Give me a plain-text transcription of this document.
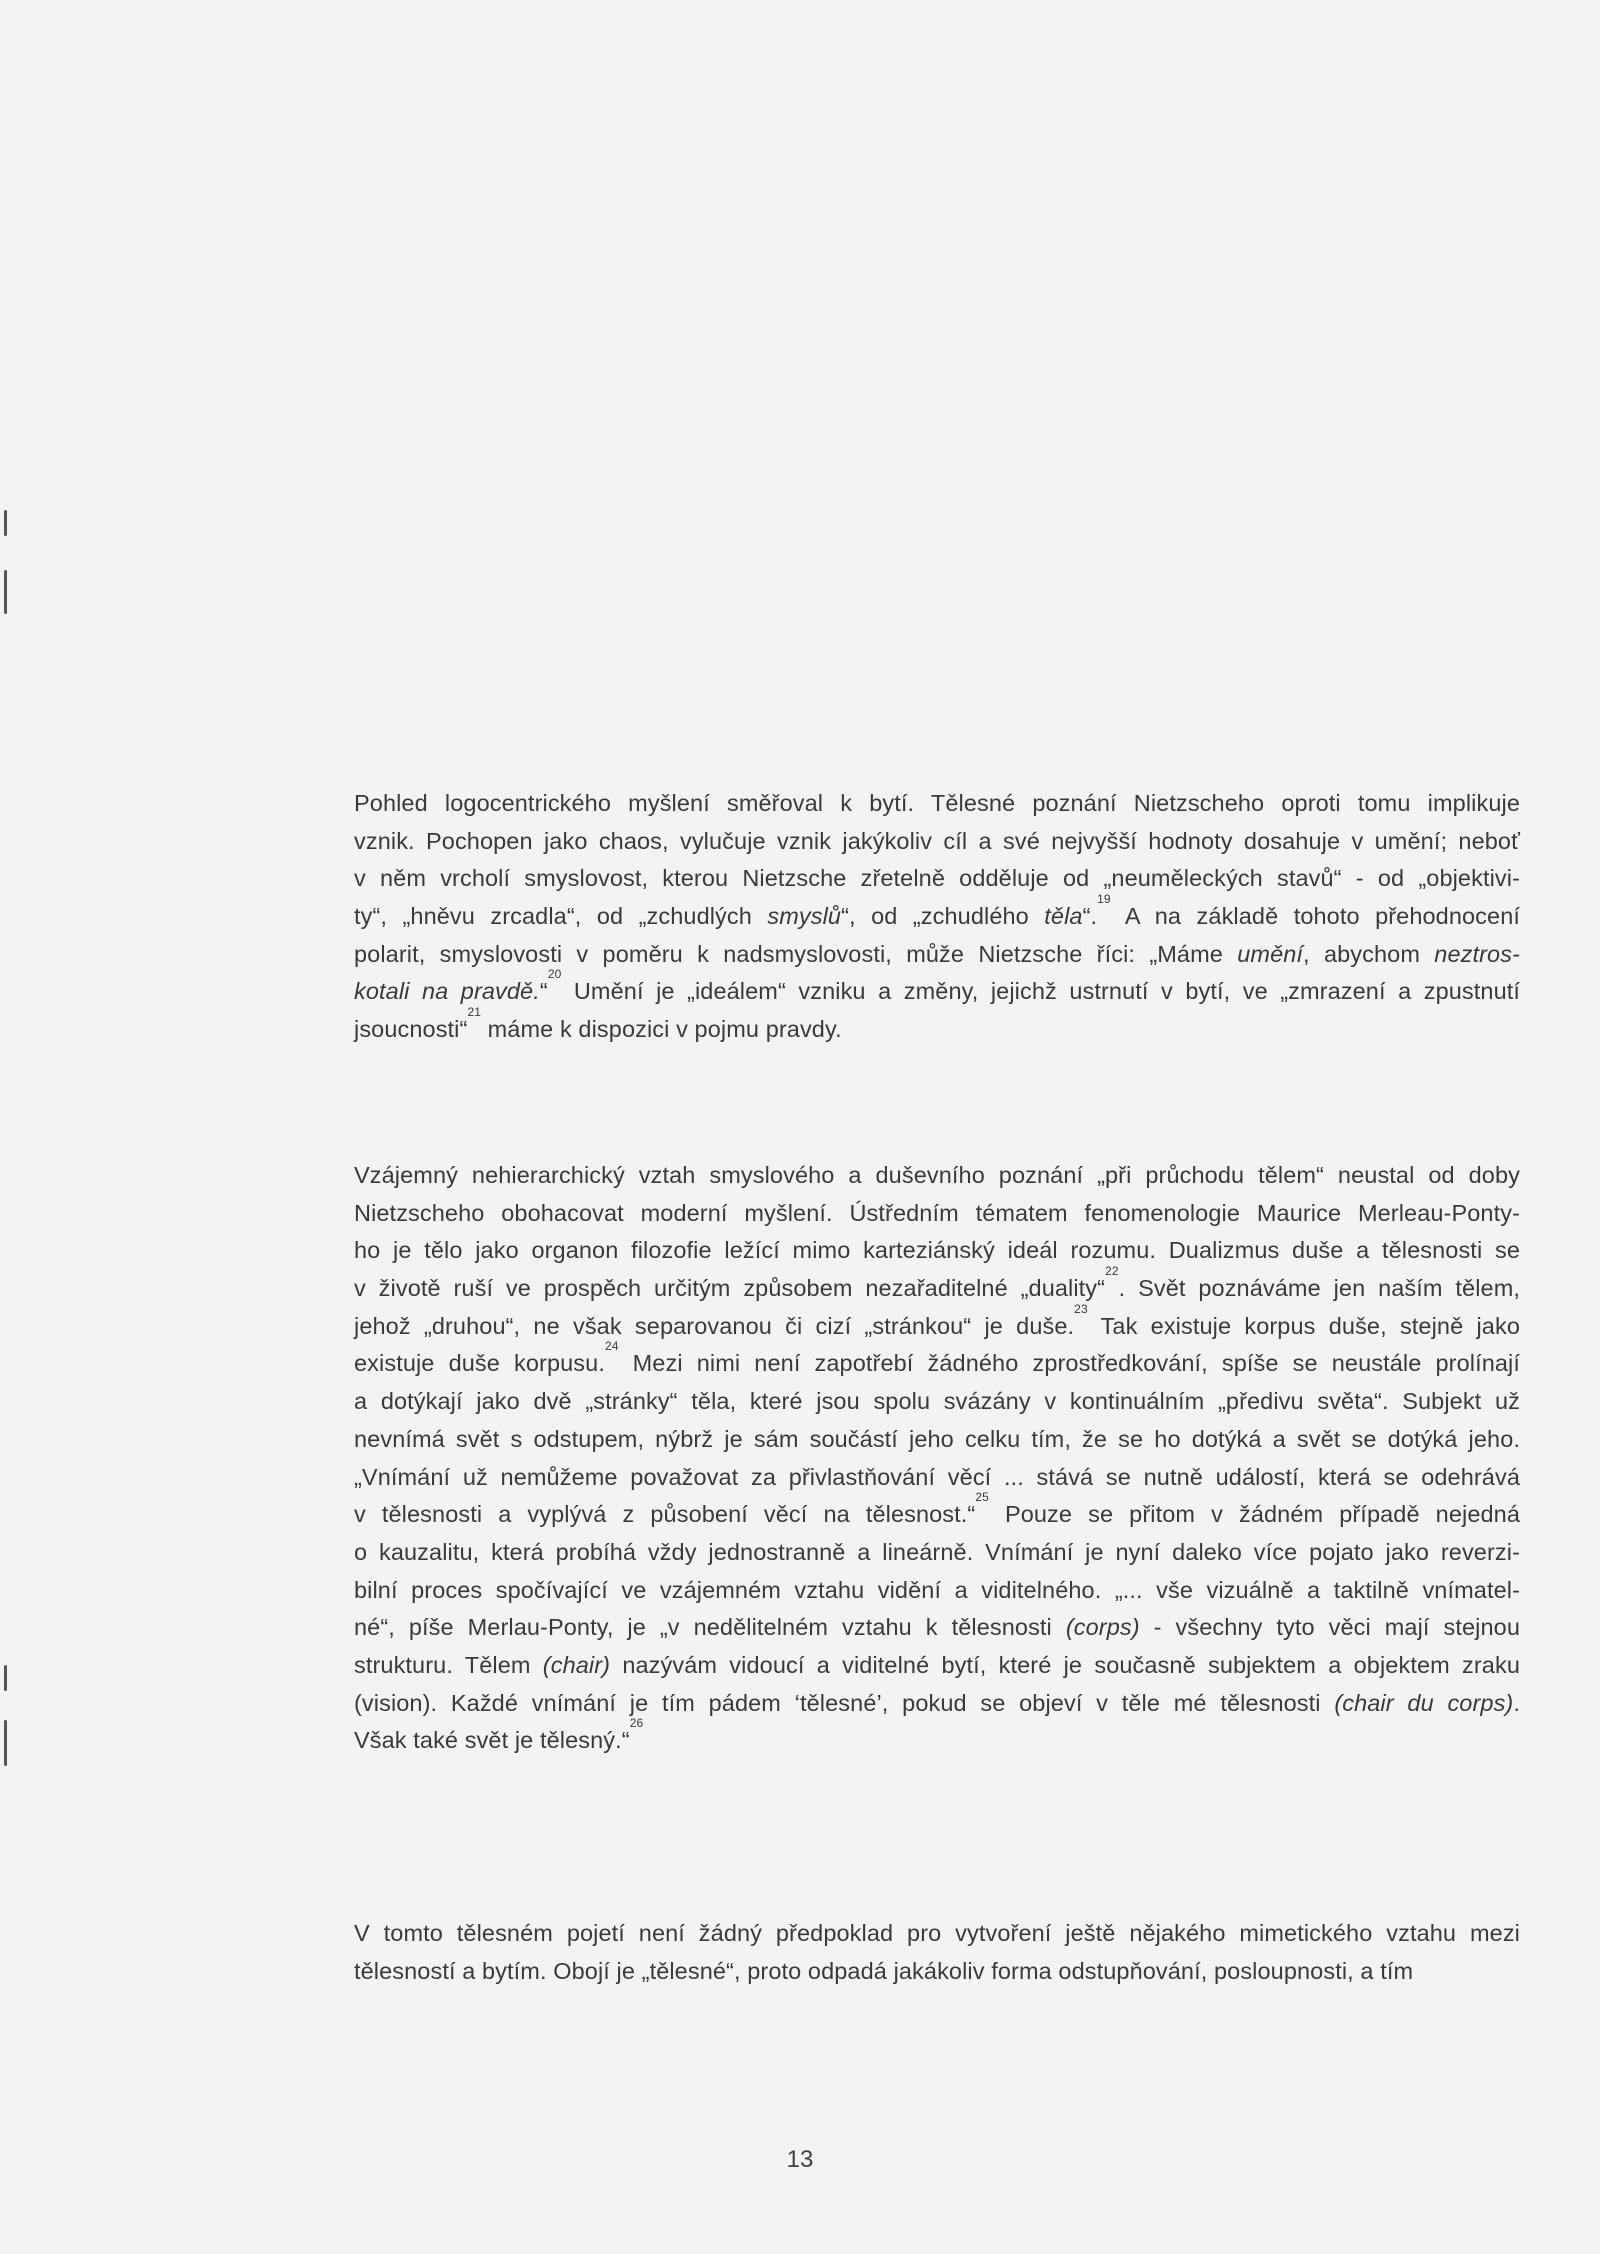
Pohled logocentrického myšlení směřoval k bytí. Tělesné poznání Nietzscheho oproti tomu implikuje
vznik. Pochopen jako chaos, vylučuje vznik jakýkoliv cíl a své nejvyšší hodnoty dosahuje v umění; neboť
v něm vrcholí smyslovost, kterou Nietzsche zřetelně odděluje od „neuměleckých stavů“ - od „objektivi-
ty“, „hněvu zrcadla“, od „zchudlých smyslů“, od „zchudlého těla“.$^{19}$ A na základě tohoto přehodnocení
polarit, smyslovosti v poměru k nadsmyslovosti, může Nietzsche říci: „Máme umění, abychom neztros-
kotali na pravdě.“$^{20}$ Umění je „ideálem“ vzniku a změny, jejichž ustrnutí v bytí, ve „zmrazení a zpustnutí
jsoucnosti“$^{21}$ máme k dispozici v pojmu pravdy.
Vzájemný nehierarchický vztah smyslového a duševního poznání „při průchodu tělem“ neustal od doby
Nietzscheho obohacovat moderní myšlení. Ústředním tématem fenomenologie Maurice Merleau-Ponty-
ho je tělo jako organon filozofie ležící mimo karteziánský ideál rozumu. Dualizmus duše a tělesnosti se
v životě ruší ve prospěch určitým způsobem nezařaditelné „duality“$^{22}$. Svět poznáváme jen naším tělem,
jehož „druhou“, ne však separovanou či cizí „stránkou“ je duše.$^{23}$ Tak existuje korpus duše, stejně jako
existuje duše korpusu.$^{24}$ Mezi nimi není zapotřebí žádného zprostředkování, spíše se neustále prolínají
a dotýkají jako dvě „stránky“ těla, které jsou spolu svázány v kontinuálním „předivu světa“. Subjekt už
nevnímá svět s odstupem, nýbrž je sám součástí jeho celku tím, že se ho dotýká a svět se dotýká jeho.
„Vnímání už nemůžeme považovat za přivlastňování věcí ... stává se nutně událostí, která se odehrává
v tělesnosti a vyplývá z působení věcí na tělesnost.“$^{25}$ Pouze se přitom v žádném případě nejedná
o kauzalitu, která probíhá vždy jednostranně a lineárně. Vnímání je nyní daleko více pojato jako reverzi-
bilní proces spočívající ve vzájemném vztahu vidění a viditelného. „... vše vizuálně a taktilně vnímatel-
né“, píše Merlau-Ponty, je „v nedělitelném vztahu k tělesnosti (corps) - všechny tyto věci mají stejnou
strukturu. Tělem (chair) nazývám vidoucí a viditelné bytí, které je současně subjektem a objektem zraku
(vision). Každé vnímání je tím pádem ‘tělesné’, pokud se objeví v těle mé tělesnosti (chair du corps).
Však také svět je tělesný.“$^{26}$
V tomto tělesném pojetí není žádný předpoklad pro vytvoření ještě nějakého mimetického vztahu mezi
tělesností a bytím. Obojí je „tělesné“, proto odpadá jakákoliv forma odstupňování, posloupnosti, a tím
13
